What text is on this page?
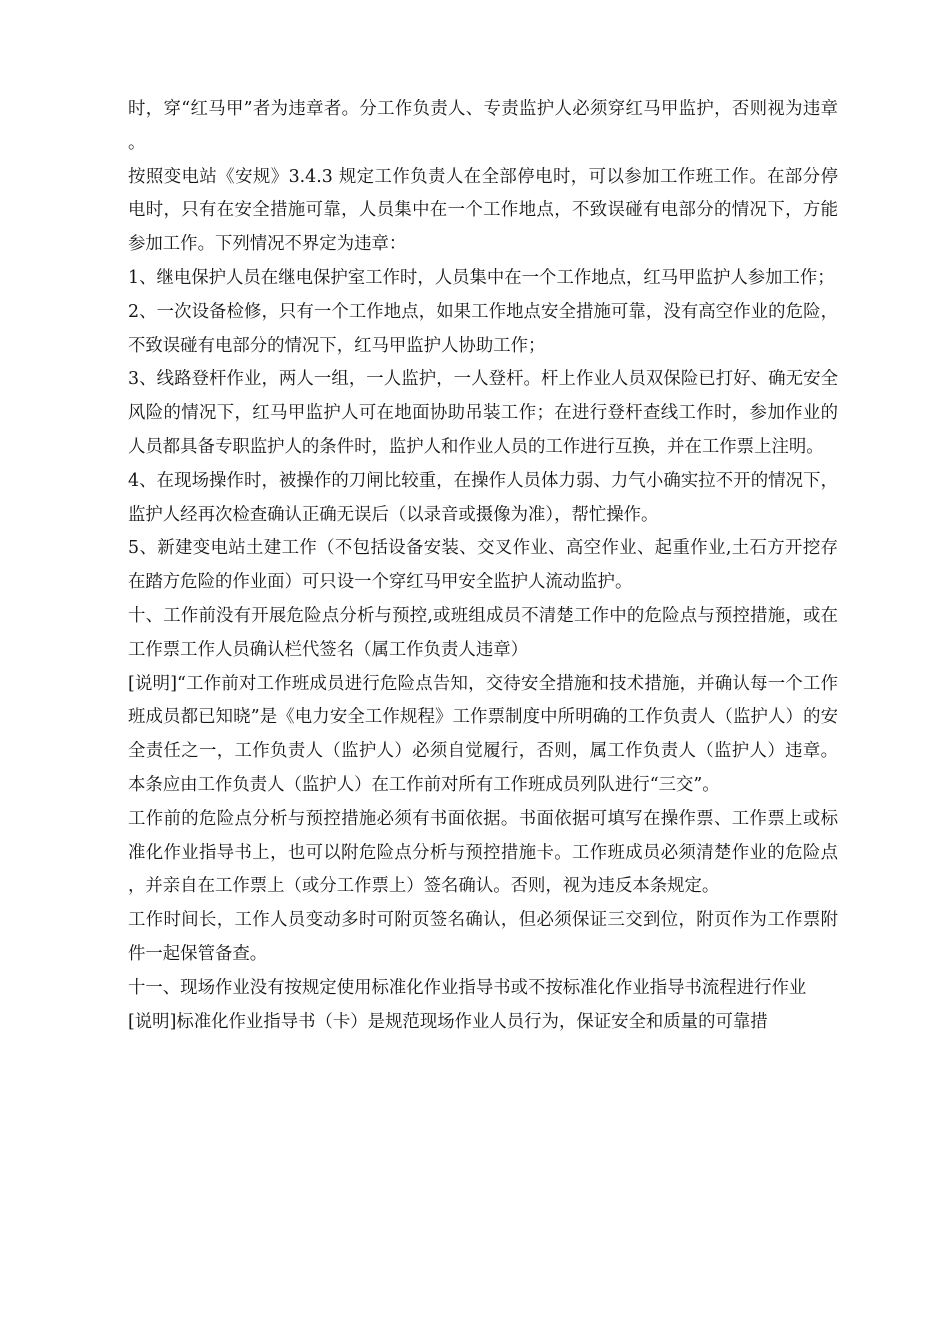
时，穿“红马甲”者为违章者。分工作负责人、专责监护人必须穿红马甲监护，否则视为违章。

按照变电站《安规》3.4.3 规定工作负责人在全部停电时，可以参加工作班工作。在部分停电时，只有在安全措施可靠，人员集中在一个工作地点，不致误碰有电部分的情况下，方能参加工作。下列情况不界定为违章：

1、继电保护人员在继电保护室工作时，人员集中在一个工作地点，红马甲监护人参加工作；

2、一次设备检修，只有一个工作地点，如果工作地点安全措施可靠，没有高空作业的危险，不致误碰有电部分的情况下，红马甲监护人协助工作；

3、线路登杆作业，两人一组，一人监护，一人登杆。杆上作业人员双保险已打好、确无安全风险的情况下，红马甲监护人可在地面协助吊装工作；在进行登杆查线工作时，参加作业的人员都具备专职监护人的条件时，监护人和作业人员的工作进行互换，并在工作票上注明。

4、在现场操作时，被操作的刀闸比较重，在操作人员体力弱、力气小确实拉不开的情况下，监护人经再次检查确认正确无误后（以录音或摄像为准），帮忙操作。

5、新建变电站土建工作（不包括设备安装、交叉作业、高空作业、起重作业,土石方开挖存在踏方危险的作业面）可只设一个穿红马甲安全监护人流动监护。

十、工作前没有开展危险点分析与预控,或班组成员不清楚工作中的危险点与预控措施，或在工作票工作人员确认栏代签名（属工作负责人违章）

[说明]“工作前对工作班成员进行危险点告知，交待安全措施和技术措施，并确认每一个工作班成员都已知晓”是《电力安全工作规程》工作票制度中所明确的工作负责人（监护人）的安全责任之一，工作负责人（监护人）必须自觉履行，否则，属工作负责人（监护人）违章。本条应由工作负责人（监护人）在工作前对所有工作班成员列队进行“三交”。

工作前的危险点分析与预控措施必须有书面依据。书面依据可填写在操作票、工作票上或标准化作业指导书上，也可以附危险点分析与预控措施卡。工作班成员必须清楚作业的危险点，并亲自在工作票上（或分工作票上）签名确认。否则，视为违反本条规定。

工作时间长，工作人员变动多时可附页签名确认，但必须保证三交到位，附页作为工作票附件一起保管备查。

十一、现场作业没有按规定使用标准化作业指导书或不按标准化作业指导书流程进行作业

[说明]标准化作业指导书（卡）是规范现场作业人员行为，保证安全和质量的可靠措
